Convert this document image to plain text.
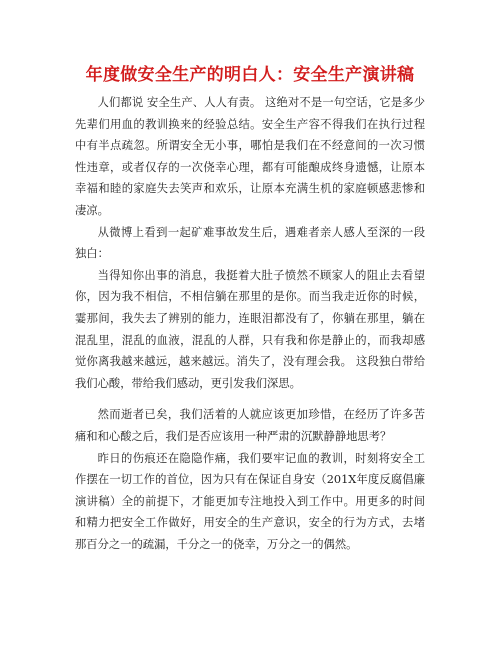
年度做安全生产的明白人：安全生产演讲稿

人们都说 安全生产、人人有责。 这绝对不是一句空话，它是多少先辈们用血的教训换来的经验总结。安全生产容不得我们在执行过程中有半点疏忽。所谓安全无小事，哪怕是我们在不经意间的一次习惯性违章，或者仅存的一次侥幸心理，都有可能酿成终身遗憾，让原本幸福和睦的家庭失去笑声和欢乐，让原本充满生机的家庭顿感悲惨和凄凉。

从微博上看到一起矿难事故发生后，遇难者亲人感人至深的一段独白：

当得知你出事的消息，我挺着大肚子愤然不顾家人的阻止去看望你，因为我不相信，不相信躺在那里的是你。而当我走近你的时候，霎那间，我失去了辨别的能力，连眼泪都没有了，你躺在那里，躺在混乱里，混乱的血液，混乱的人群，只有我和你是静止的，而我却感觉你离我越来越远，越来越远。消失了，没有理会我。 这段独白带给我们心酸，带给我们感动，更引发我们深思。

然而逝者已矣，我们活着的人就应该更加珍惜，在经历了许多苦痛和和心酸之后，我们是否应该用一种严肃的沉默静静地思考？

昨日的伤痕还在隐隐作痛，我们要牢记血的教训，时刻将安全工作摆在一切工作的首位，因为只有在保证自身安（201X年度反腐倡廉演讲稿）全的前提下，才能更加专注地投入到工作中。用更多的时间和精力把安全工作做好，用安全的生产意识，安全的行为方式，去堵那百分之一的疏漏，千分之一的侥幸，万分之一的偶然。
